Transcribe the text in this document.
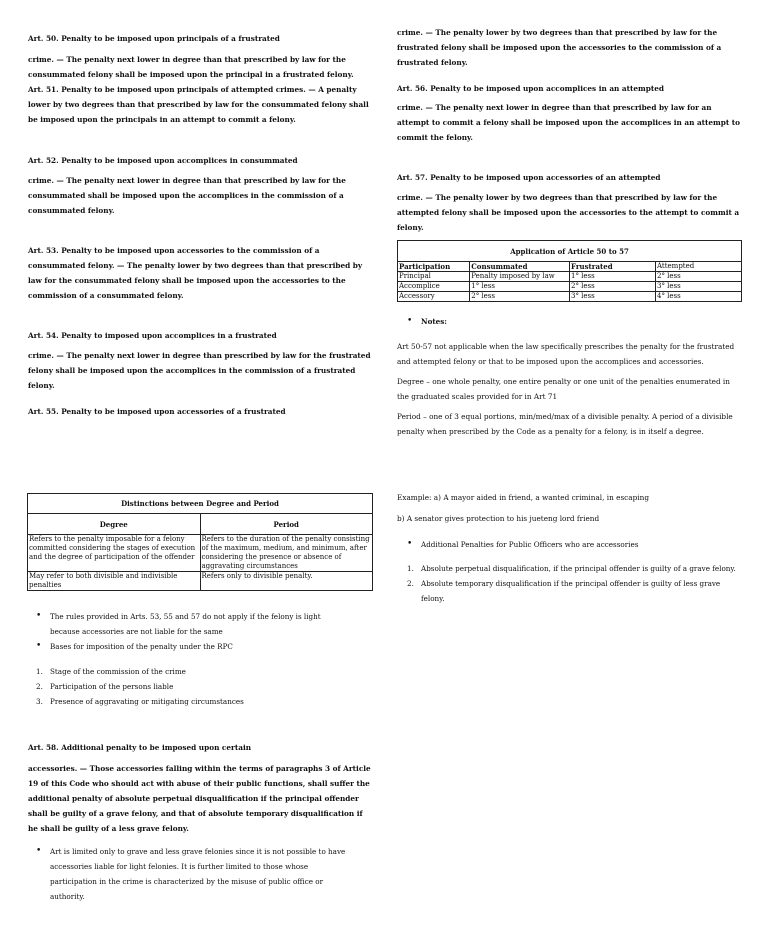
Art. 50. Penalty to be imposed upon principals of a frustrated

crime. — The penalty next lower in degree than that prescribed by law for the consummated felony shall be imposed upon the principal in a frustrated felony.

Art. 51. Penalty to be imposed upon principals of attempted crimes. — A penalty lower by two degrees than that prescribed by law for the consummated felony shall be imposed upon the principals in an attempt to commit a felony.

Art. 52. Penalty to be imposed upon accomplices in consummated

crime. — The penalty next lower in degree than that prescribed by law for the consummated shall be imposed upon the accomplices in the commission of a consummated felony.

Art. 53. Penalty to be imposed upon accessories to the commission of a consummated felony. — The penalty lower by two degrees than that prescribed by law for the consummated felony shall be imposed upon the accessories to the commission of a consummated felony.

Art. 54. Penalty to imposed upon accomplices in a frustrated

crime. — The penalty next lower in degree than prescribed by law for the frustrated felony shall be imposed upon the accomplices in the commission of a frustrated felony.

Art. 55. Penalty to be imposed upon accessories of a frustrated

Distinctions between Degree and Period	
Degree	Period
Refers to the penalty imposable for a felony committed considering the stages of execution and the degree of participation of the offender	Refers to the duration of the penalty consisting of the maximum, medium, and minimum, after considering the presence or absence of aggravating circumstances
May refer to both divisible and indivisible penalties	Refers only to divisible penalty.
• The rules provided in Arts. 53, 55 and 57 do not apply if the felony is light because accessories are not liable for the same
• Bases for imposition of the penalty under the RPC
1. Stage of the commission of the crime
2. Participation of the persons liable
3. Presence of aggravating or mitigating circumstances

Art. 58. Additional penalty to be imposed upon certain

accessories. — Those accessories falling within the terms of paragraphs 3 of Article 19 of this Code who should act with abuse of their public functions, shall suffer the additional penalty of absolute perpetual disqualification if the principal offender shall be guilty of a grave felony, and that of absolute temporary disqualification if he shall be guilty of a less grave felony.

• Art is limited only to grave and less grave felonies since it is not possible to have accessories liable for light felonies. It is further limited to those whose participation in the crime is characterized by the misuse of public office or authority.

crime. — The penalty lower by two degrees than that prescribed by law for the frustrated felony shall be imposed upon the accessories to the commission of a frustrated felony.

Art. 56. Penalty to be imposed upon accomplices in an attempted

crime. — The penalty next lower in degree than that prescribed by law for an attempt to commit a felony shall be imposed upon the accomplices in an attempt to commit the felony.

Art. 57. Penalty to be imposed upon accessories of an attempted

crime. — The penalty lower by two degrees than that prescribed by law for the attempted felony shall be imposed upon the accessories to the attempt to commit a felony.

Application of Article 50 to 57			
Participation	Consummated	Frustrated	Attempted
Principal	Penalty imposed by law	1° less	2° less
Accomplice	1° less	2° less	3° less
Accessory	2° less	3° less	4° less
• Notes:

Art 50-57 not applicable when the law specifically prescribes the penalty for the frustrated and attempted felony or that to be imposed upon the accomplices and accessories.

Degree – one whole penalty, one entire penalty or one unit of the penalties enumerated in the graduated scales provided for in Art 71

Period – one of 3 equal portions, min/med/max of a divisible penalty. A period of a divisible penalty when prescribed by the Code as a penalty for a felony, is in itself a degree.

Example: a) A mayor aided in friend, a wanted criminal, in escaping

b) A senator gives protection to his jueteng lord friend

• Additional Penalties for Public Officers who are accessories
1. Absolute perpetual disqualification, if the principal offender is guilty of a grave felony.
2. Absolute temporary disqualification if the principal offender is guilty of less grave felony.
